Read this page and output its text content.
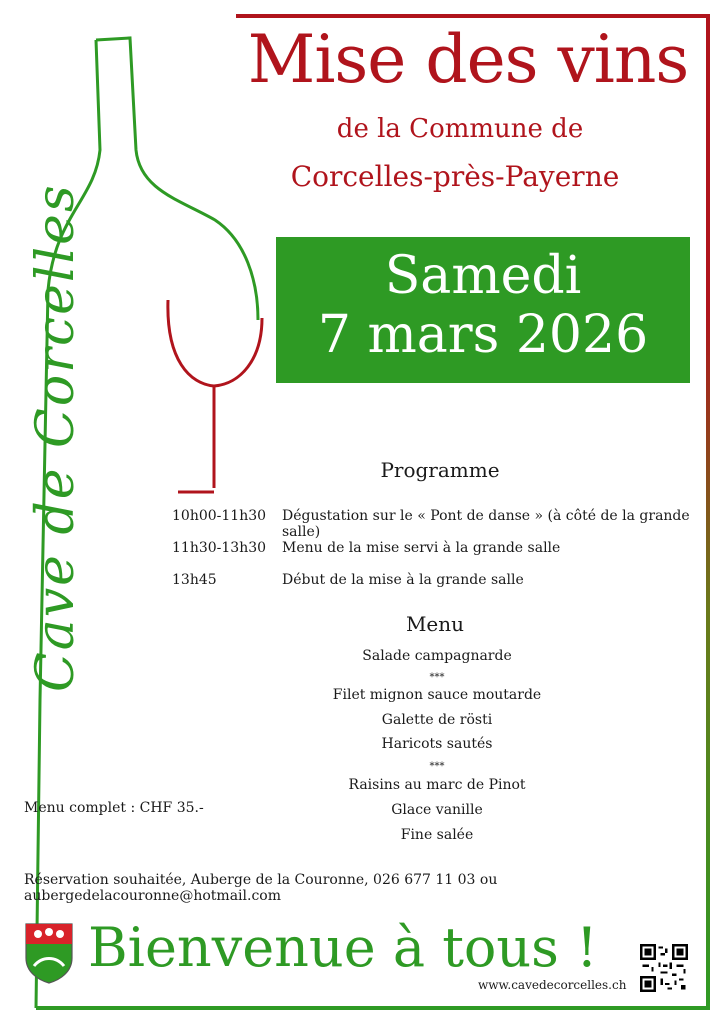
Cave de Corcelles
Mise des vins
de la Commune de
Corcelles-près-Payerne
Samedi
7 mars 2026
Programme
10h00-11h30	Dégustation sur le « Pont de danse » (à côté de la grande salle)
11h30-13h30	Menu de la mise servi à la grande salle
13h45	Début de la mise à la grande salle
Menu
Salade campagnarde
***
Filet mignon sauce moutarde
Galette de rösti
Haricots sautés
***
Raisins au marc de Pinot
Glace vanille
Fine salée
Menu complet : CHF 35.-
Réservation souhaitée, Auberge de la Couronne, 026 677 11 03 ou aubergedelacouronne@hotmail.com
Bienvenue à tous !
www.cavedecorcelles.ch
